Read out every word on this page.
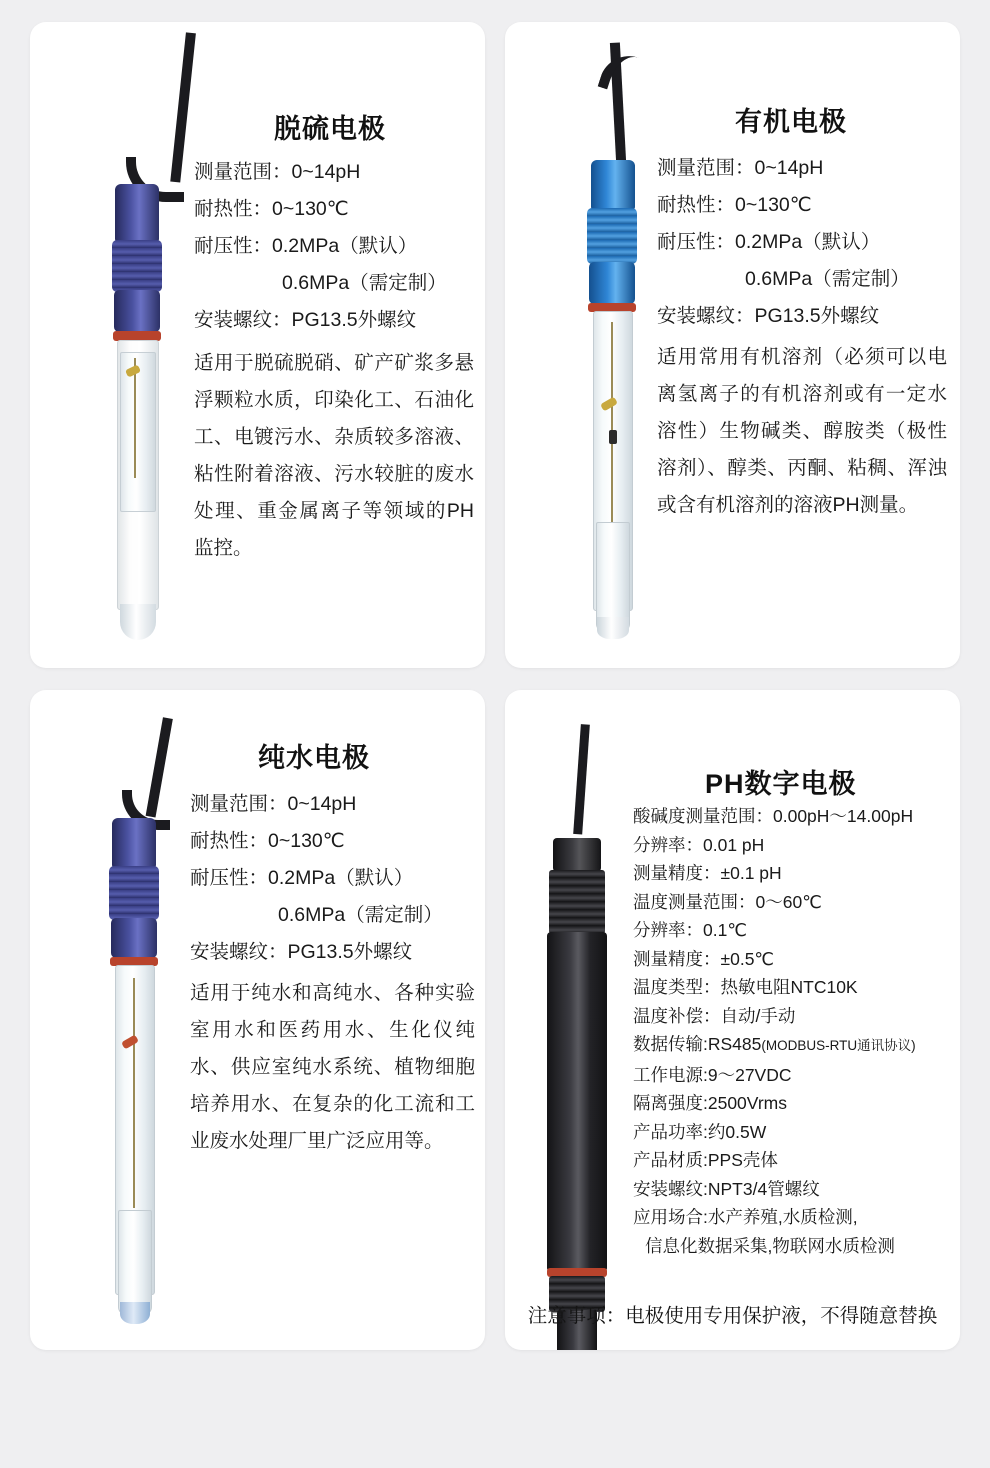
脱硫电极
测量范围：0~14pH
耐热性：0~130℃
耐压性：0.2MPa（默认）
0.6MPa（需定制）
安装螺纹：PG13.5外螺纹
适用于脱硫脱硝、矿产矿浆多悬浮颗粒水质，印染化工、石油化工、电镀污水、杂质较多溶液、粘性附着溶液、污水较脏的废水处理、重金属离子等领域的PH监控。
有机电极
测量范围：0~14pH
耐热性：0~130℃
耐压性：0.2MPa（默认）
0.6MPa（需定制）
安装螺纹：PG13.5外螺纹
适用常用有机溶剂（必须可以电离氢离子的有机溶剂或有一定水溶性）生物碱类、醇胺类（极性溶剂）、醇类、丙酮、粘稠、浑浊或含有机溶剂的溶液PH测量。
纯水电极
测量范围：0~14pH
耐热性：0~130℃
耐压性：0.2MPa（默认）
0.6MPa（需定制）
安装螺纹：PG13.5外螺纹
适用于纯水和高纯水、各种实验室用水和医药用水、生化仪纯水、供应室纯水系统、植物细胞培养用水、在复杂的化工流和工业废水处理厂里广泛应用等。
PH数字电极
酸碱度测量范围：0.00pH～14.00pH
分辨率：0.01 pH
测量精度：±0.1 pH
温度测量范围：0～60℃
分辨率：0.1℃
测量精度：±0.5℃
温度类型：热敏电阻NTC10K
温度补偿：自动/手动
数据传输:RS485(MODBUS-RTU通讯协议)
工作电源:9～27VDC
隔离强度:2500Vrms
产品功率:约0.5W
产品材质:PPS壳体
安装螺纹:NPT3/4管螺纹
应用场合:水产养殖,水质检测,
信息化数据采集,物联网水质检测
注意事项：电极使用专用保护液，不得随意替换
